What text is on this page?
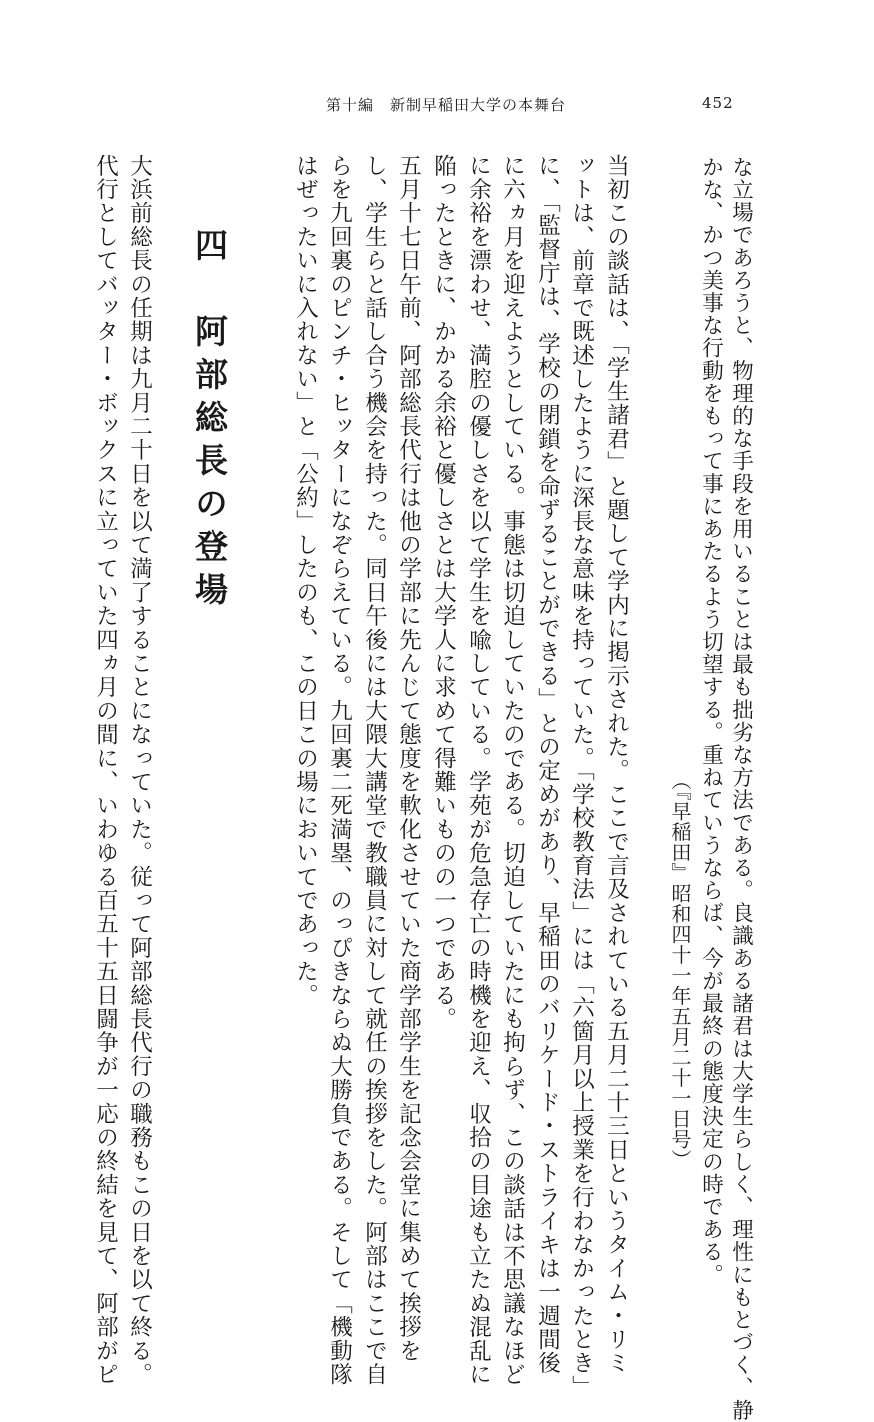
第十編　新制早稲田大学の本舞台	452
な立場であろうと、物理的な手段を用いることは最も拙劣な方法である。良識ある諸君は大学生らしく、理性にもとづく、静
かな、かつ美事な行動をもって事にあたるよう切望する。重ねていうならば、今が最終の態度決定の時である。
（『早稲田』昭和四十一年五月二十一日号）
当初この談話は、「学生諸君」と題して学内に掲示された。ここで言及されている五月二十三日というタイム・リミ
ットは、前章で既述したように深長な意味を持っていた。「学校教育法」には「六箇月以上授業を行わなかったとき」
に、「監督庁は、学校の閉鎖を命ずることができる」との定めがあり、早稲田のバリケード・ストライキは一週間後
に六ヵ月を迎えようとしている。事態は切迫していたのである。切迫していたにも拘らず、この談話は不思議なほど
に余裕を漂わせ、満腔の優しさを以て学生を喩している。学苑が危急存亡の時機を迎え、収拾の目途も立たぬ混乱に
陥ったときに、かかる余裕と優しさとは大学人に求めて得難いものの一つである。
五月十七日午前、阿部総長代行は他の学部に先んじて態度を軟化させていた商学部学生を記念会堂に集めて挨拶を
し、学生らと話し合う機会を持った。同日午後には大隈大講堂で教職員に対して就任の挨拶をした。阿部はここで自
らを九回裏のピンチ・ヒッターになぞらえている。九回裏二死満塁、のっぴきならぬ大勝負である。そして「機動隊
はぜったいに入れない」と「公約」したのも、この日この場においてであった。
四　阿部総長の登場
大浜前総長の任期は九月二十日を以て満了することになっていた。従って阿部総長代行の職務もこの日を以て終る。
代行としてバッター・ボックスに立っていた四ヵ月の間に、いわゆる百五十五日闘争が一応の終結を見て、阿部がピ
